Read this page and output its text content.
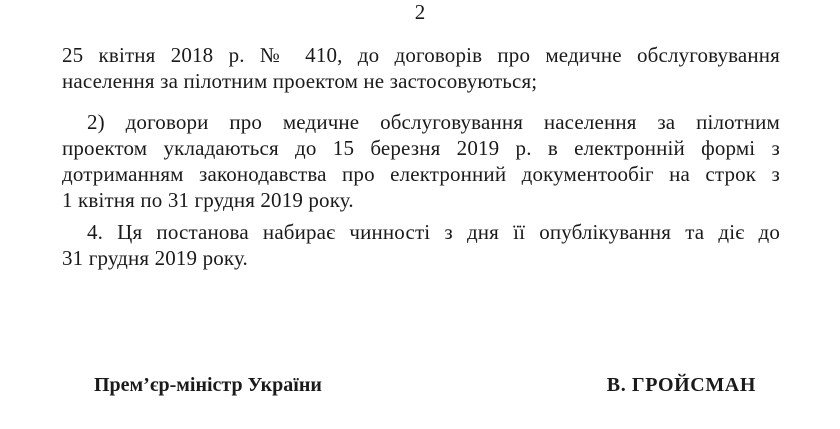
2
25 квітня 2018 р. № 410, до договорів про медичне обслуговування
населення за пілотним проектом не застосовуються;
2) договори про медичне обслуговування населення за пілотним
проектом укладаються до 15 березня 2019 р. в електронній формі з
дотриманням законодавства про електронний документообіг на строк з
1 квітня по 31 грудня 2019 року.
4. Ця постанова набирає чинності з дня її опублікування та діє до
31 грудня 2019 року.
Прем’єр-міністр України	В. ГРОЙСМАН
